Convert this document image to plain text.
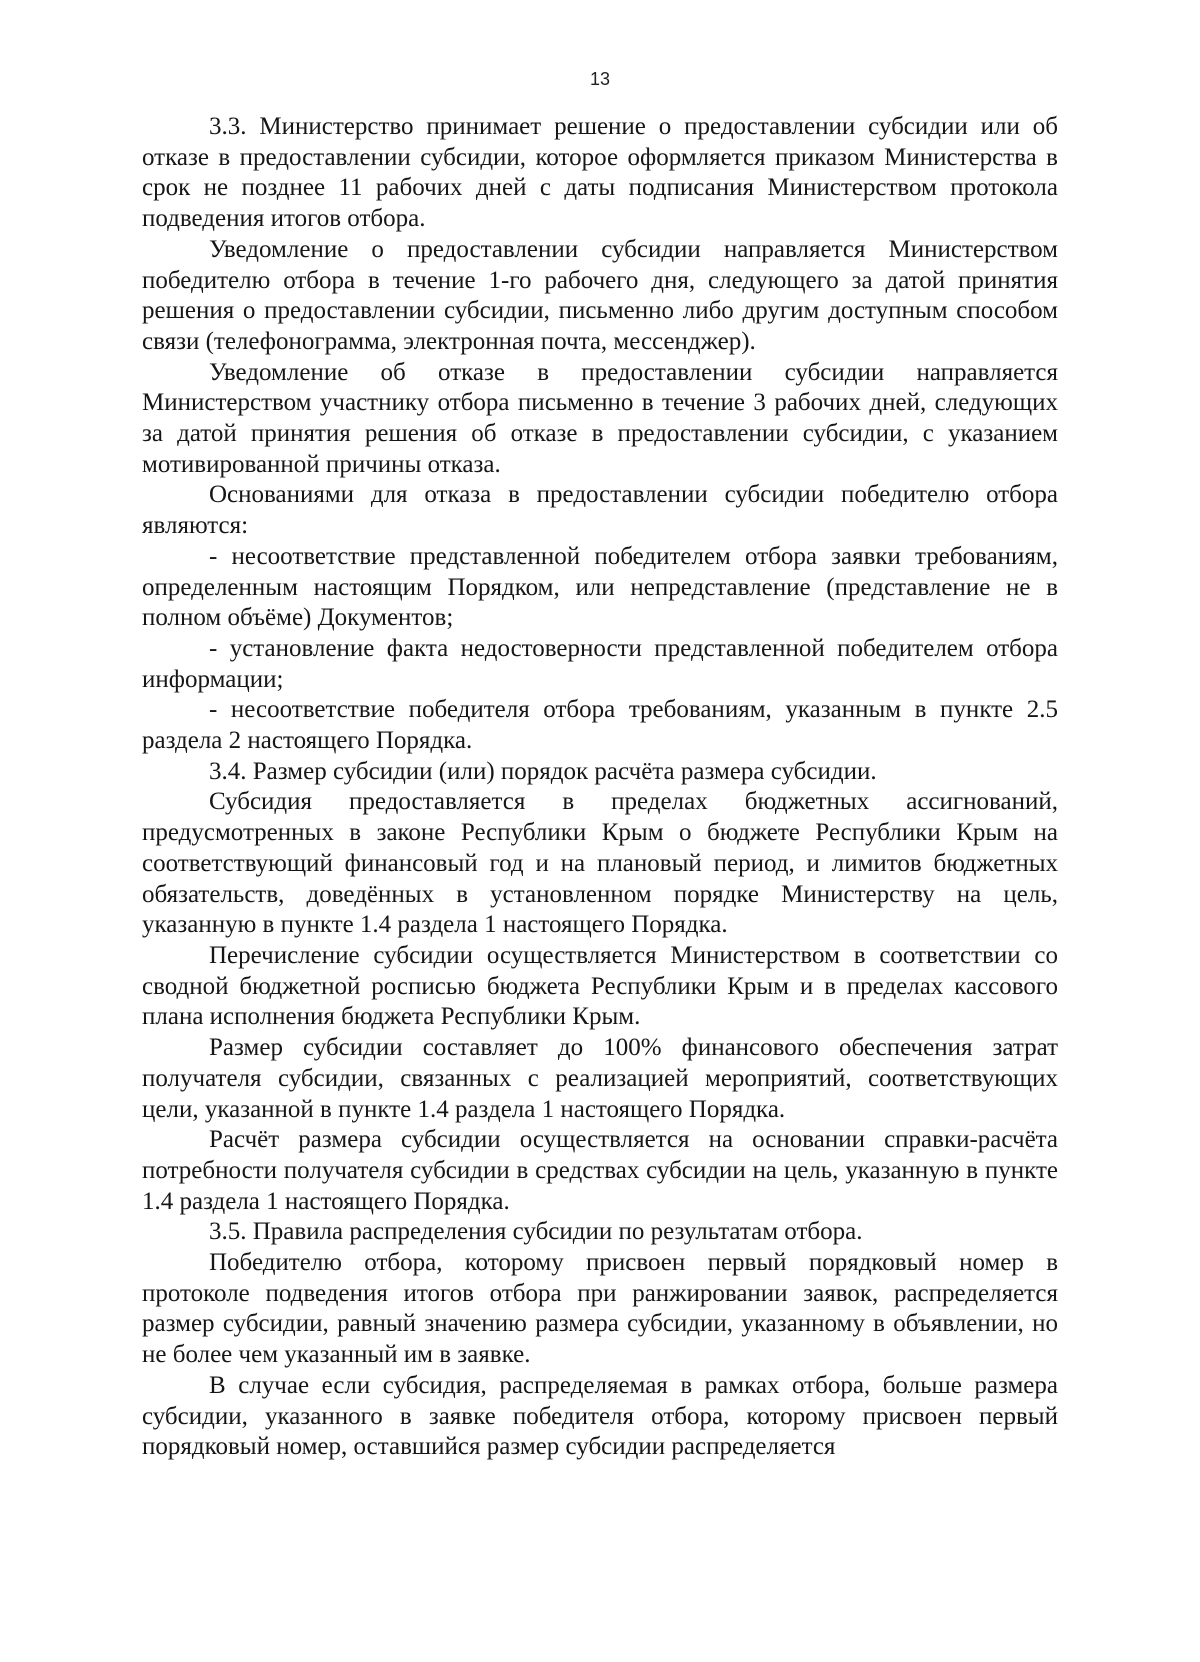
13

3.3. Министерство принимает решение о предоставлении субсидии или об отказе в предоставлении субсидии, которое оформляется приказом Министерства в срок не позднее 11 рабочих дней с даты подписания Министерством протокола подведения итогов отбора.

Уведомление о предоставлении субсидии направляется Министерством победителю отбора в течение 1-го рабочего дня, следующего за датой принятия решения о предоставлении субсидии, письменно либо другим доступным способом связи (телефонограмма, электронная почта, мессенджер).

Уведомление об отказе в предоставлении субсидии направляется Министерством участнику отбора письменно в течение 3 рабочих дней, следующих за датой принятия решения об отказе в предоставлении субсидии, с указанием мотивированной причины отказа.

Основаниями для отказа в предоставлении субсидии победителю отбора являются:

- несоответствие представленной победителем отбора заявки требованиям, определенным настоящим Порядком, или непредставление (представление не в полном объёме) Документов;

- установление факта недостоверности представленной победителем отбора информации;

- несоответствие победителя отбора требованиям, указанным в пункте 2.5 раздела 2 настоящего Порядка.

3.4. Размер субсидии (или) порядок расчёта размера субсидии.

Субсидия предоставляется в пределах бюджетных ассигнований, предусмотренных в законе Республики Крым о бюджете Республики Крым на соответствующий финансовый год и на плановый период, и лимитов бюджетных обязательств, доведённых в установленном порядке Министерству на цель, указанную в пункте 1.4 раздела 1 настоящего Порядка.

Перечисление субсидии осуществляется Министерством в соответствии со сводной бюджетной росписью бюджета Республики Крым и в пределах кассового плана исполнения бюджета Республики Крым.

Размер субсидии составляет до 100% финансового обеспечения затрат получателя субсидии, связанных с реализацией мероприятий, соответствующих цели, указанной в пункте 1.4 раздела 1 настоящего Порядка.

Расчёт размера субсидии осуществляется на основании справки-расчёта потребности получателя субсидии в средствах субсидии на цель, указанную в пункте 1.4 раздела 1 настоящего Порядка.

3.5. Правила распределения субсидии по результатам отбора.

Победителю отбора, которому присвоен первый порядковый номер в протоколе подведения итогов отбора при ранжировании заявок, распределяется размер субсидии, равный значению размера субсидии, указанному в объявлении, но не более чем указанный им в заявке.

В случае если субсидия, распределяемая в рамках отбора, больше размера субсидии, указанного в заявке победителя отбора, которому присвоен первый порядковый номер, оставшийся размер субсидии распределяется
